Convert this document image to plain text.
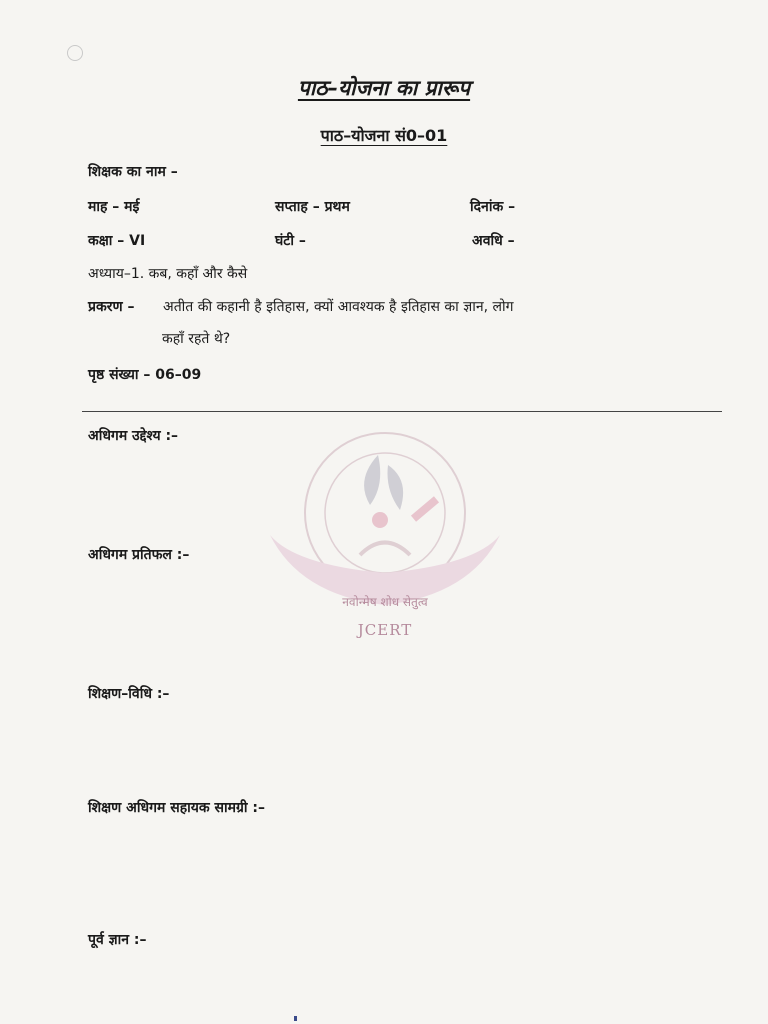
पाठ–योजना का प्रारूप
पाठ–योजना सं0–01
शिक्षक का नाम –
माह – मई	सप्ताह – प्रथम	दिनांक –
कक्षा – VI	घंटी –	अवधि –
अध्याय–1. कब, कहाँ और कैसे
प्रकरण – अतीत की कहानी है इतिहास, क्यों आवश्यक है इतिहास का ज्ञान, लोग
कहाँ रहते थे?
पृष्ठ संख्या – 06–09
नवोन्मेष शोध सेतुत्व
JCERT
अधिगम उद्देश्य :–
अधिगम प्रतिफल :–
शिक्षण–विधि :–
शिक्षण अधिगम सहायक सामग्री :–
पूर्व ज्ञान :–
